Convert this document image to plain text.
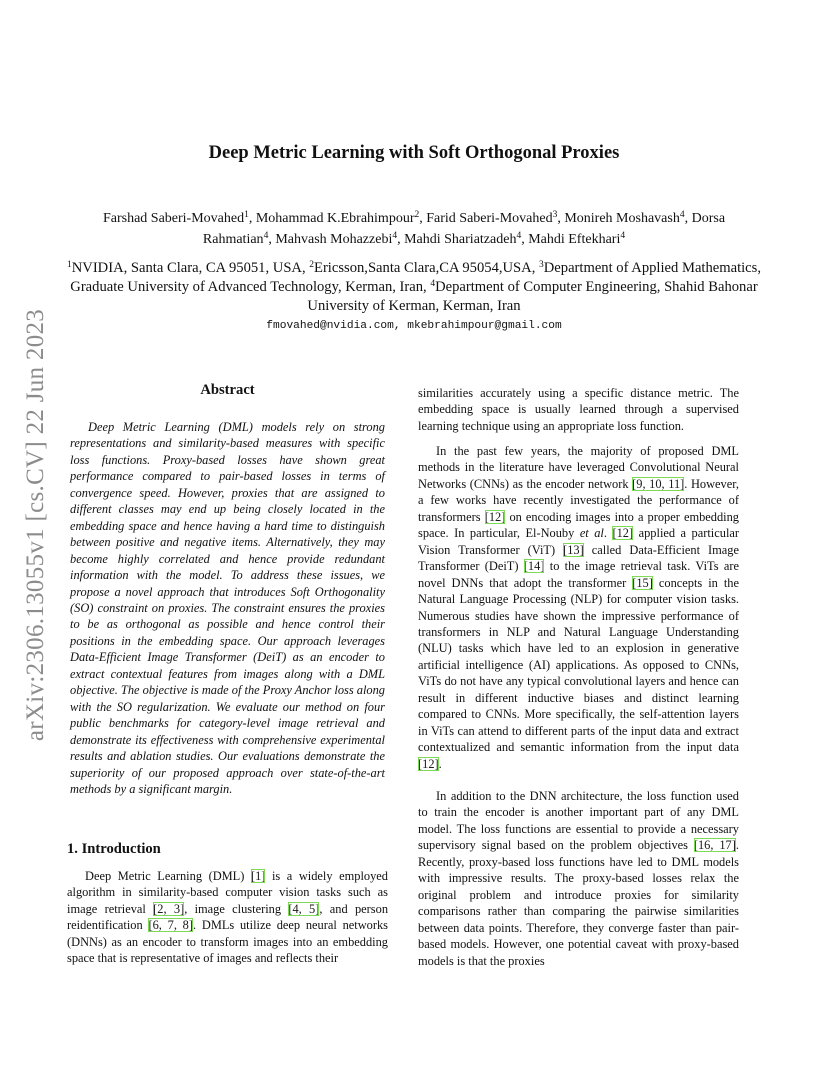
arXiv:2306.13055v1 [cs.CV] 22 Jun 2023
Deep Metric Learning with Soft Orthogonal Proxies
Farshad Saberi-Movahed$^1$, Mohammad K.Ebrahimpour$^2$, Farid Saberi-Movahed$^3$, Monireh Moshavash$^4$, Dorsa Rahmatian$^4$, Mahvash Mohazzebi$^4$, Mahdi Shariatzadeh$^4$, Mahdi Eftekhari$^4$
$^1$NVIDIA, Santa Clara, CA 95051, USA, $^2$Ericsson,Santa Clara,CA 95054,USA, $^3$Department of Applied Mathematics, Graduate University of Advanced Technology, Kerman, Iran, $^4$Department of Computer Engineering, Shahid Bahonar University of Kerman, Kerman, Iran
fmovahed@nvidia.com, mkebrahimpour@gmail.com
Abstract
Deep Metric Learning (DML) models rely on strong representations and similarity-based measures with specific loss functions. Proxy-based losses have shown great performance compared to pair-based losses in terms of convergence speed. However, proxies that are assigned to different classes may end up being closely located in the embedding space and hence having a hard time to distinguish between positive and negative items. Alternatively, they may become highly correlated and hence provide redundant information with the model. To address these issues, we propose a novel approach that introduces Soft Orthogonality (SO) constraint on proxies. The constraint ensures the proxies to be as orthogonal as possible and hence control their positions in the embedding space. Our approach leverages Data-Efficient Image Transformer (DeiT) as an encoder to extract contextual features from images along with a DML objective. The objective is made of the Proxy Anchor loss along with the SO regularization. We evaluate our method on four public benchmarks for category-level image retrieval and demonstrate its effectiveness with comprehensive experimental results and ablation studies. Our evaluations demonstrate the superiority of our proposed approach over state-of-the-art methods by a significant margin.
1. Introduction
Deep Metric Learning (DML) [1] is a widely employed algorithm in similarity-based computer vision tasks such as image retrieval [2, 3], image clustering [4, 5], and person reidentification [6, 7, 8]. DMLs utilize deep neural networks (DNNs) as an encoder to transform images into an embedding space that is representative of images and reflects their
similarities accurately using a specific distance metric. The embedding space is usually learned through a supervised learning technique using an appropriate loss function.
In the past few years, the majority of proposed DML methods in the literature have leveraged Convolutional Neural Networks (CNNs) as the encoder network [9, 10, 11]. However, a few works have recently investigated the performance of transformers [12] on encoding images into a proper embedding space. In particular, El-Nouby et al. [12] applied a particular Vision Transformer (ViT) [13] called Data-Efficient Image Transformer (DeiT) [14] to the image retrieval task. ViTs are novel DNNs that adopt the transformer [15] concepts in the Natural Language Processing (NLP) for computer vision tasks. Numerous studies have shown the impressive performance of transformers in NLP and Natural Language Understanding (NLU) tasks which have led to an explosion in generative artificial intelligence (AI) applications. As opposed to CNNs, ViTs do not have any typical convolutional layers and hence can result in different inductive biases and distinct learning compared to CNNs. More specifically, the self-attention layers in ViTs can attend to different parts of the input data and extract contextualized and semantic information from the input data [12].
In addition to the DNN architecture, the loss function used to train the encoder is another important part of any DML model. The loss functions are essential to provide a necessary supervisory signal based on the problem objectives [16, 17]. Recently, proxy-based loss functions have led to DML models with impressive results. The proxy-based losses relax the original problem and introduce proxies for similarity comparisons rather than comparing the pairwise similarities between data points. Therefore, they converge faster than pair-based models. However, one potential caveat with proxy-based models is that the proxies
